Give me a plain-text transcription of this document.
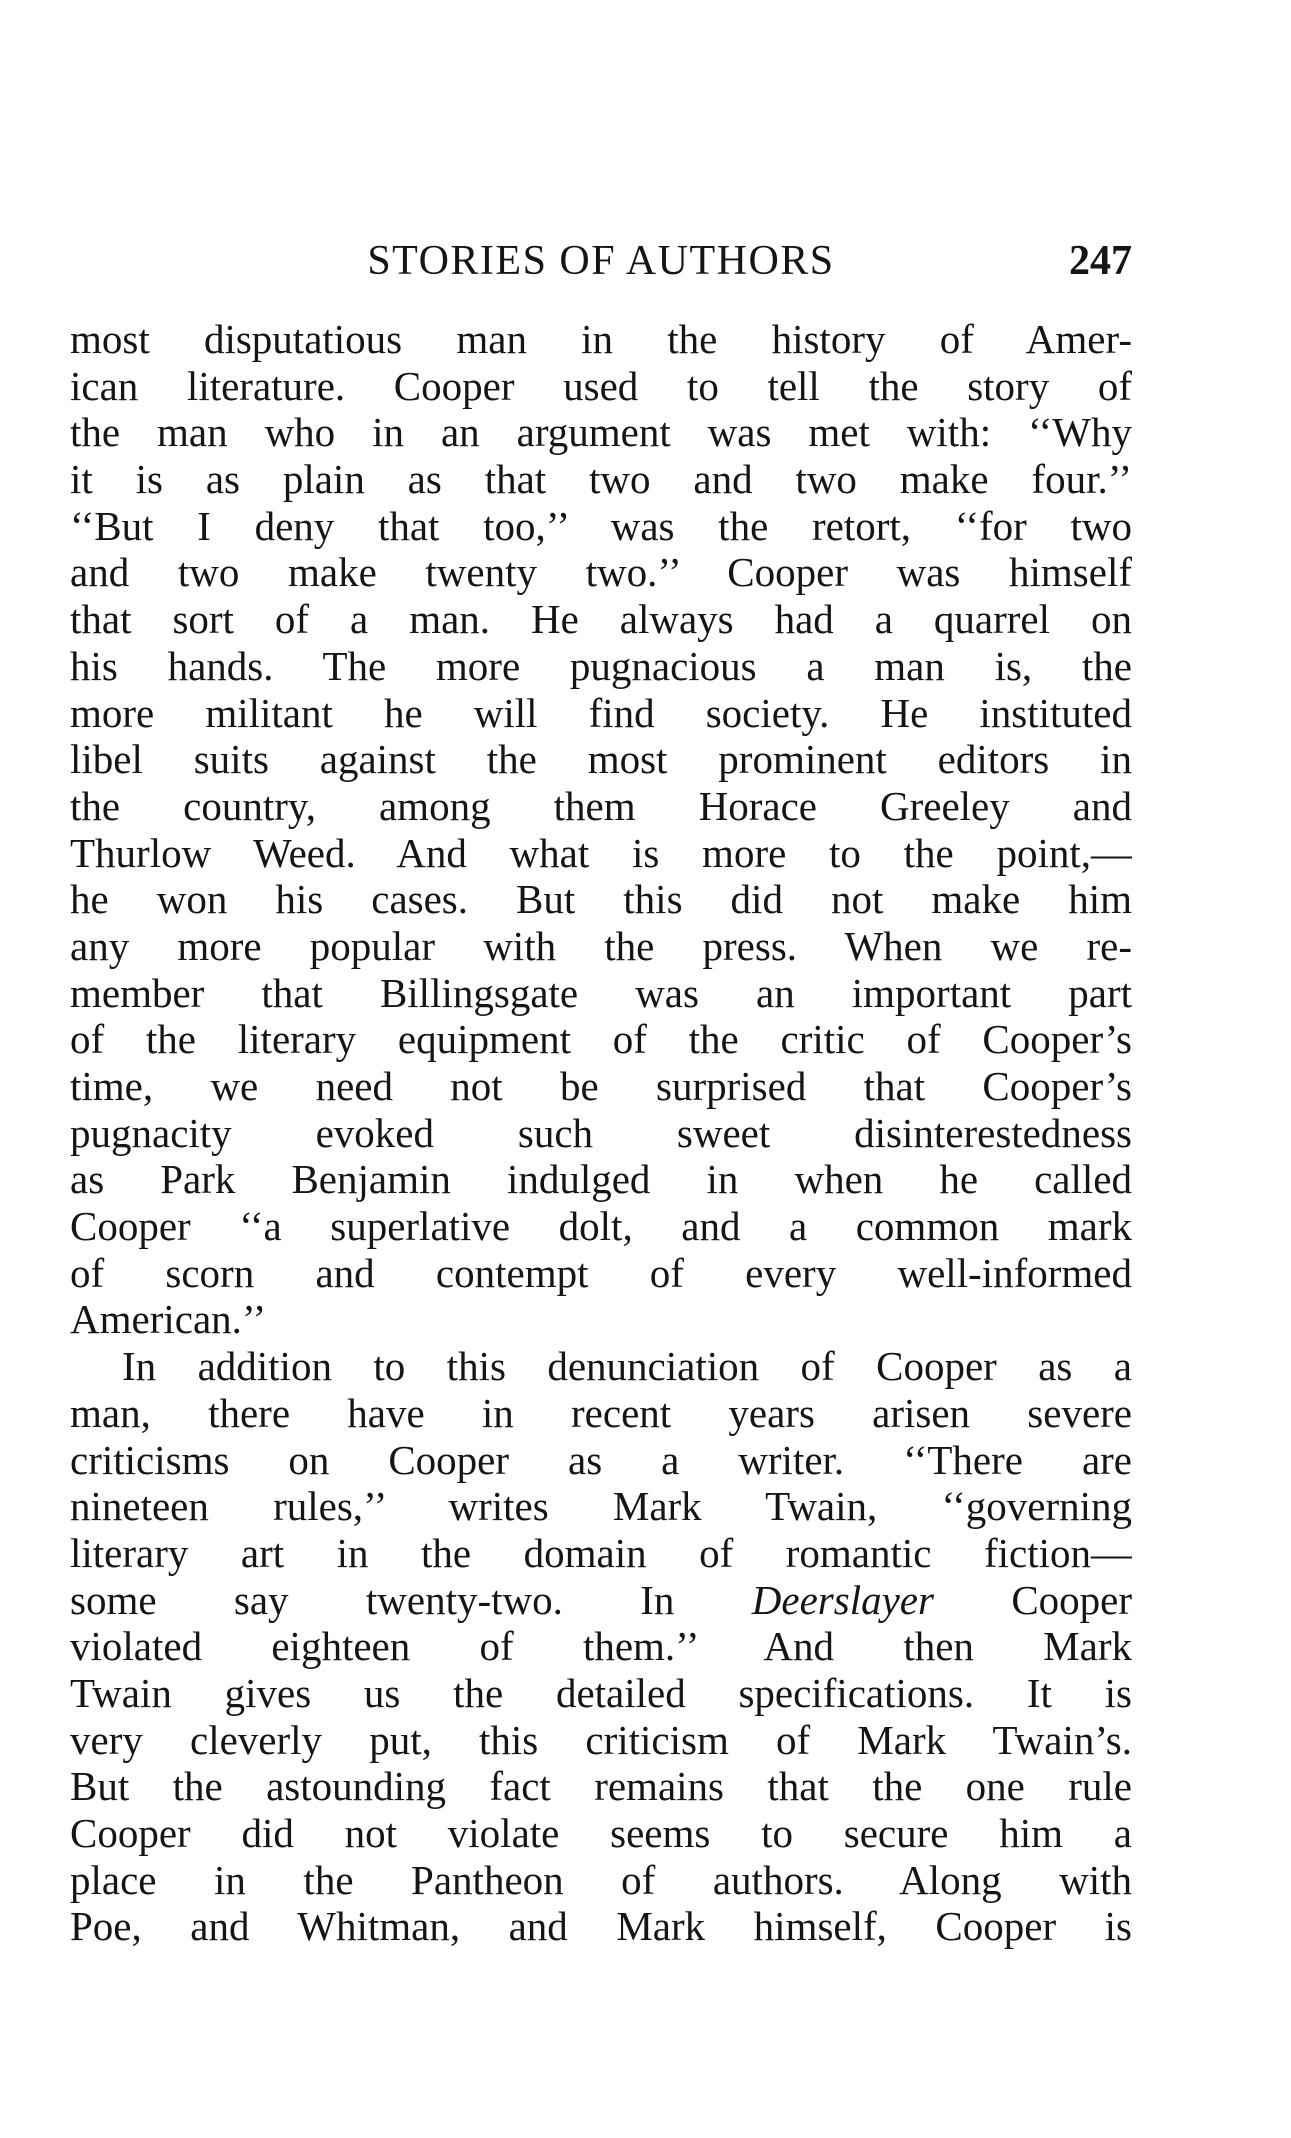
STORIES OF AUTHORS	247
most disputatious man in the history of Amer-
ican literature. Cooper used to tell the story of
the man who in an argument was met with: ‘‘Why
it is as plain as that two and two make four.’’
‘‘But I deny that too,’’ was the retort, ‘‘for two
and two make twenty two.’’ Cooper was himself
that sort of a man. He always had a quarrel on
his hands. The more pugnacious a man is, the
more militant he will find society. He instituted
libel suits against the most prominent editors in
the country, among them Horace Greeley and
Thurlow Weed. And what is more to the point,—
he won his cases. But this did not make him
any more popular with the press. When we re-
member that Billingsgate was an important part
of the literary equipment of the critic of Cooper’s
time, we need not be surprised that Cooper’s
pugnacity evoked such sweet disinterestedness
as Park Benjamin indulged in when he called
Cooper ‘‘a superlative dolt, and a common mark
of scorn and contempt of every well-informed
American.’’
In addition to this denunciation of Cooper as a
man, there have in recent years arisen severe
criticisms on Cooper as a writer. ‘‘There are
nineteen rules,’’ writes Mark Twain, ‘‘governing
literary art in the domain of romantic fiction—
some say twenty-two. In Deerslayer Cooper
violated eighteen of them.’’ And then Mark
Twain gives us the detailed specifications. It is
very cleverly put, this criticism of Mark Twain’s.
But the astounding fact remains that the one rule
Cooper did not violate seems to secure him a
place in the Pantheon of authors. Along with
Poe, and Whitman, and Mark himself, Cooper is
